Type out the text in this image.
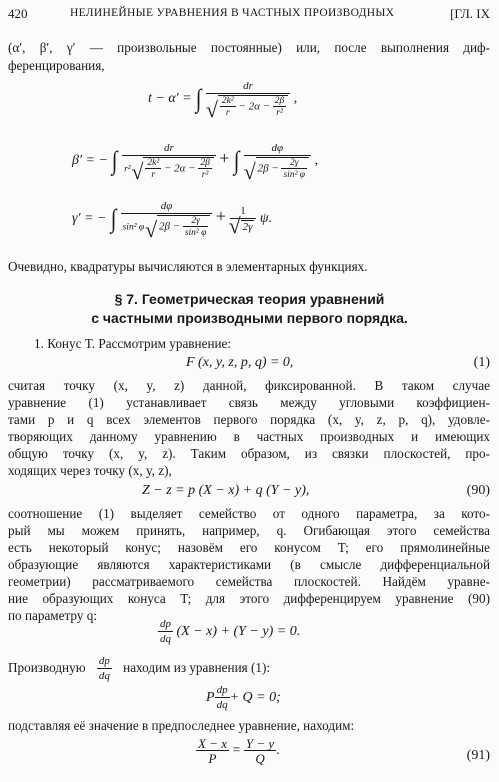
420	НЕЛИНЕЙНЫЕ УРАВНЕНИЯ В ЧАСТНЫХ ПРОИЗВОДНЫХ	[ГЛ. IX
(α′, β′, γ′ — произвольные постоянные) или, после выполнения диф-
ференцирования,
t − α′ = ∫ dr
√ $\frac{\text{2k²}}{r} - 2\alpha - \frac{2\beta}{\text{r²}}$ ,
β′ = − ∫ dr
r²
√ $\frac{\text{2k²}}{r} - 2\alpha - \frac{2\beta}{\text{r²}}$ + ∫ dφ
√ $2\beta - \frac{2\gamma}{\text{sin² φ}}$ ,
γ′ = − ∫ $\frac{d\varphi}{\sin^2 \varphi √ 2\beta - \frac{2\gamma}{\text{sin² φ}}} + 1$
√ 2γ ψ.
Очевидно, квадратуры вычисляются в элементарных функциях.
§ 7. Геометрическая теория уравнений
с частными производными первого порядка.
1. Конус T. Рассмотрим уравнение:
F (x, y, z, p, q) = 0,	(1)
считая точку (x, y, z) данной, фиксированной. В таком случае
уравнение (1) устанавливает связь между угловыми коэффициен-
тами p и q всех элементов первого порядка (x, y, z, p, q), удовле-
творяющих данному уравнению в частных производных и имеющих
общую точку (x, y, z). Таким образом, из связки плоскостей, про-
ходящих через точку (x, y, z),
Z − z = p (X − x) + q (Y − y),	(90)
соотношение (1) выделяет семейство от одного параметра, за кото-
рый мы можем принять, например, q. Огибающая этого семейства
есть некоторый конус; назовём его конусом T; его прямолинейные
образующие являются характеристиками (в смысле дифференциальной
геометрии) рассматриваемого семейства плоскостей. Найдём уравне-
ние образующих конуса T; для этого дифференцируем уравнение (90)
по параметру q:
$\frac{dp}{dq} (X - x) + (Y - y) = 0$.
Производную $\frac{dp}{dq}$ находим из уравнения (1):
P $\frac{dp}{dq} + Q = 0$;
подставляя её значение в предпоследнее уравнение, находим:
$\frac{X - x}{P} = \frac{Y - y}{Q}$ .	(91)
